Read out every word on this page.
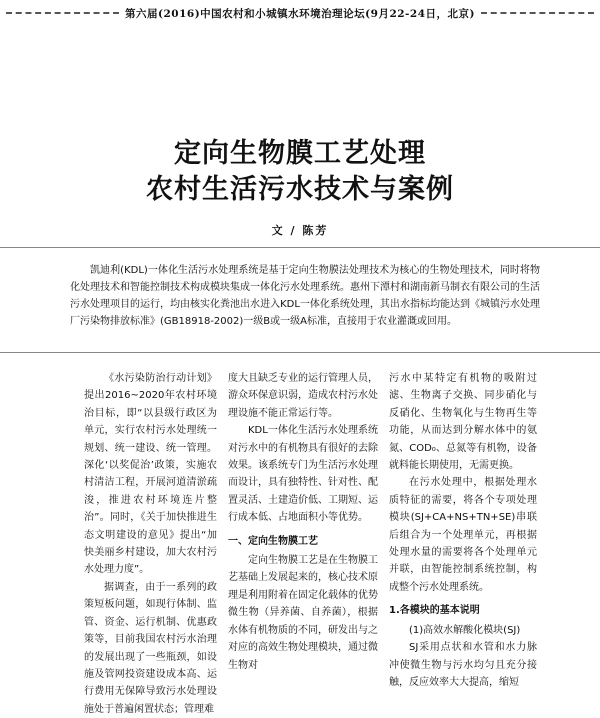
第六届(2016)中国农村和小城镇水环境治理论坛(9月22-24日，北京)
定向生物膜工艺处理
农村生活污水技术与案例
文 / 陈芳
凯迪利(KDL)一体化生活污水处理系统是基于定向生物膜法处理技术为核心的生物处理技术，同时将物化处理技术和智能控制技术构成模块集成一体化污水处理系统。惠州下潭村和湖南新马制衣有限公司的生活污水处理项目的运行，均由核实化粪池出水进入KDL一体化系统处理，其出水指标均能达到《城镇污水处理厂污染物排放标准》(GB18918-2002)一级B或一级A标准，直接用于农业灌溉或回用。

《水污染防治行动计划》提出2016~2020年农村环境治目标，即“以县级行政区为单元，实行农村污水处理统一规划、统一建设、统一管理。深化‘以奖促治’政策，实施农村清洁工程，开展河道清淤疏浚，推进农村环境连片整治”。同时，《关于加快推进生态文明建设的意见》提出“加快美丽乡村建设，加大农村污水处理力度”。

据调查，由于一系列的政策短板问题，如现行体制、监管、资金、运行机制、优惠政策等，目前我国农村污水治理的发展出现了一些瓶颈，如设施及管网投资建设成本高、运行费用无保障导致污水处理设施处于普遍闲置状态；管理难

度大且缺乏专业的运行管理人员，游众环保意识弱，造成农村污水处理设施不能正常运行等。

KDL一体化生活污水处理系统对污水中的有机物具有很好的去除效果。该系统专门为生活污水处理而设计，具有独特性、针对性、配置灵活、土建造价低、工期短、运行成本低、占地面积小等优势。

一、定向生物膜工艺

定向生物膜工艺是在生物膜工艺基础上发展起来的，核心技术原理是利用附着在固定化载体的优势微生物（异养菌、自养菌），根据水体有机物质的不同，研发出与之对应的高效生物处理模块，通过微生物对

污水中某特定有机物的吸附过滤、生物离子交换、同步硝化与反硝化、生物氧化与生物再生等功能，从而达到分解水体中的氨氮、COD₀、总氮等有机物，设备就料能长期使用，无需更换。

在污水处理中，根据处理水质特征的需要，将各个专项处理模块(SJ+CA+NS+TN+SE)串联后组合为一个处理单元，再根据处理水量的需要将各个处理单元并联，由智能控制系统控制，构成整个污水处理系统。

1.各模块的基本说明

(1)高效水解酸化模块(SJ)

SJ采用点状和水管和水力脉冲使微生物与污水均匀且充分接触，反应效率大大提高，缩短
